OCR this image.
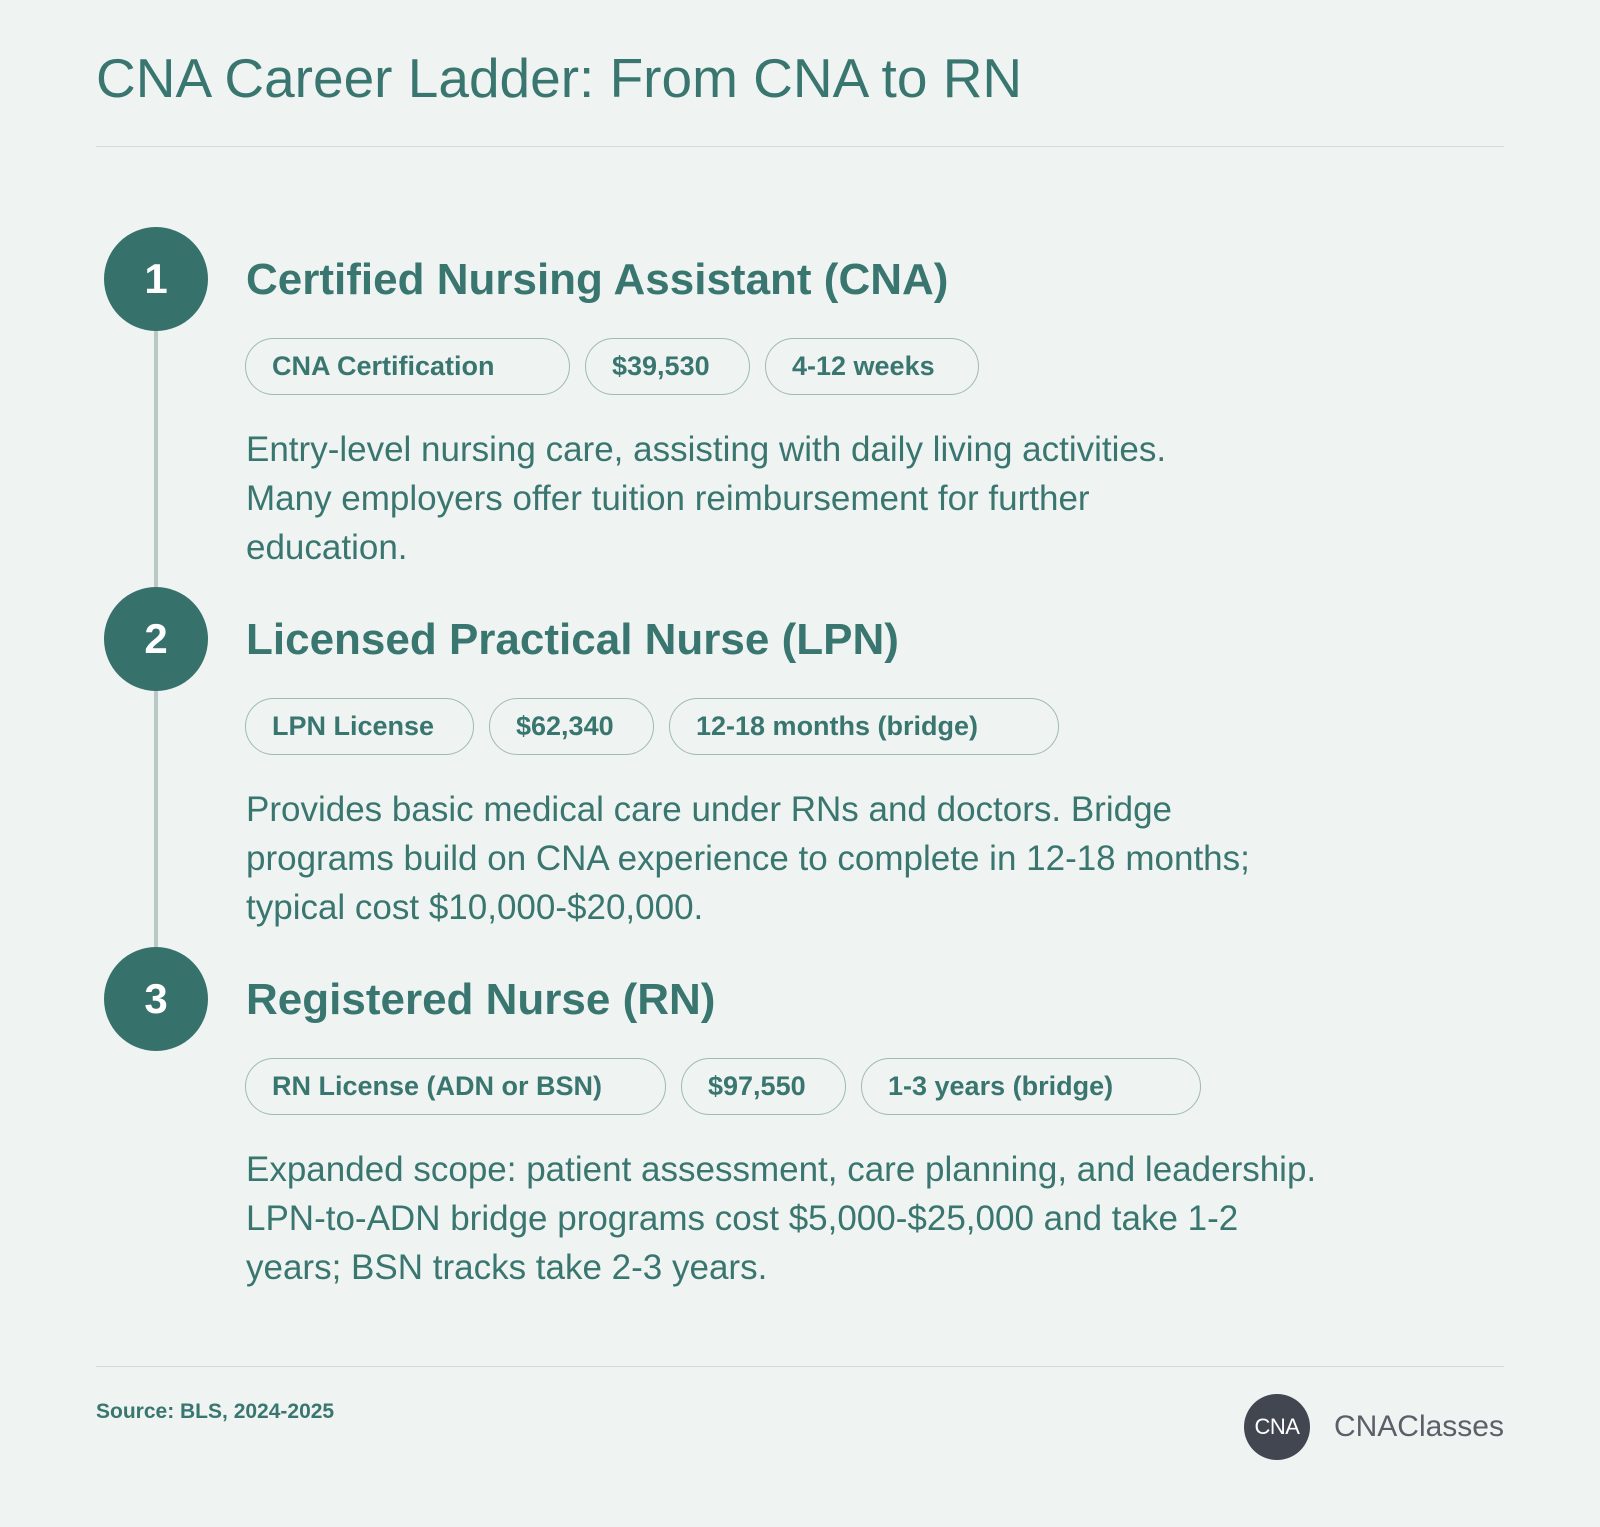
CNA Career Ladder: From CNA to RN
1	Certified Nursing Assistant (CNA)
CNA Certification	$39,530	4-12 weeks

Entry-level nursing care, assisting with daily living activities. Many employers offer tuition reimbursement for further education.

2	Licensed Practical Nurse (LPN)
LPN License	$62,340	12-18 months (bridge)

Provides basic medical care under RNs and doctors. Bridge programs build on CNA experience to complete in 12-18 months; typical cost $10,000-$20,000.

3	Registered Nurse (RN)
RN License (ADN or BSN)	$97,550	1-3 years (bridge)

Expanded scope: patient assessment, care planning, and leadership. LPN-to-ADN bridge programs cost $5,000-$25,000 and take 1-2 years; BSN tracks take 2-3 years.

Source: BLS, 2024-2025
CNA	CNAClasses
